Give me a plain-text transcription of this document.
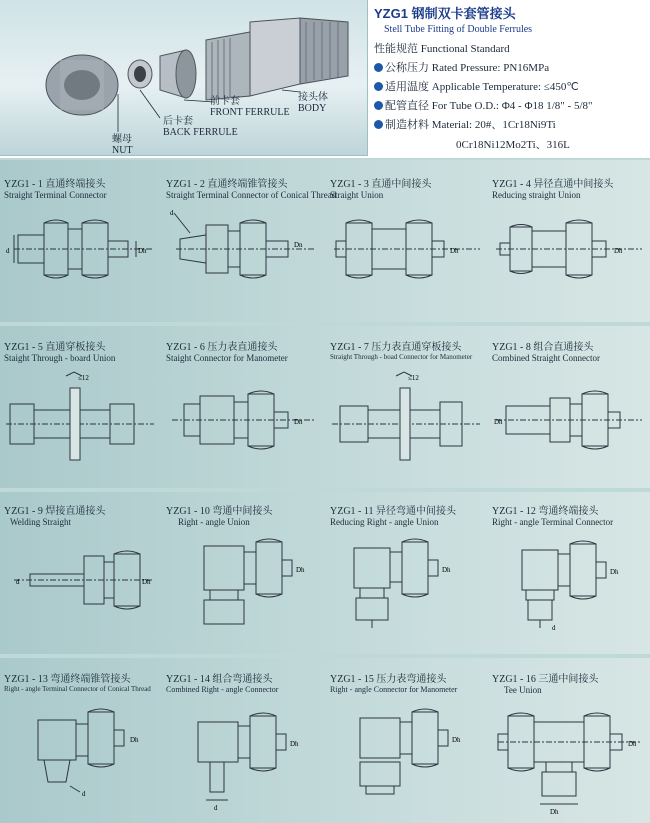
螺母
NUT
后卡套
BACK FERRULE
前卡套
FRONT FERRULE
接头体
BODY
YZG1 钢制双卡套管接头
Stell Tube Fitting of Double Ferrules
性能规范 Functional Standard
公称压力 Rated Pressure: PN16MPa
适用温度 Applicable Temperature: ≤450℃
配管直径 For Tube O.D.: Φ4 - Φ18 1/8" - 5/8"
制造材料 Material: 20#、1Cr18Ni9Ti
0Cr18Ni12Mo2Ti、316L
YZG1 - 1 直通终端接头
Straight Terminal Connector
d	Dh
YZG1 - 2 直通终端锥管接头
Straight Terminal Connector of Conical Thread
d
Dn
YZG1 - 3 直通中间接头
Straight Union
Dh
YZG1 - 4 异径直通中间接头
Reducing straight Union
Dh
YZG1 - 5 直通穿板接头
Staight Through - board Union
≤12
YZG1 - 6 压力表直通接头
Staight Connector for Manometer
Dh
YZG1 - 7 压力表直通穿板接头
Straight Through - boad Connector for Manometer
≤12
YZG1 - 8 组合直通接头
Combined Straight Connector
Dh
YZG1 - 9 焊接直通接头
Welding Straight
d	Dh
YZG1 - 10 弯通中间接头
Right - angle Union
Dh
YZG1 - 11 异径弯通中间接头
Reducing Right - angle Union
Dh
YZG1 - 12 弯通终端接头
Right - angle Terminal Connector
Dh
d
YZG1 - 13 弯通终端锥管接头
Right - angle Terminal Connector of Conical Thread
Dh
d
YZG1 - 14 组合弯通接头
Combined Right - angle Connector
Dh
d
YZG1 - 15 压力表弯通接头
Right - angle Connector for Manometer
Dh
YZG1 - 16 三通中间接头
Tee Union
Dh
Dh
